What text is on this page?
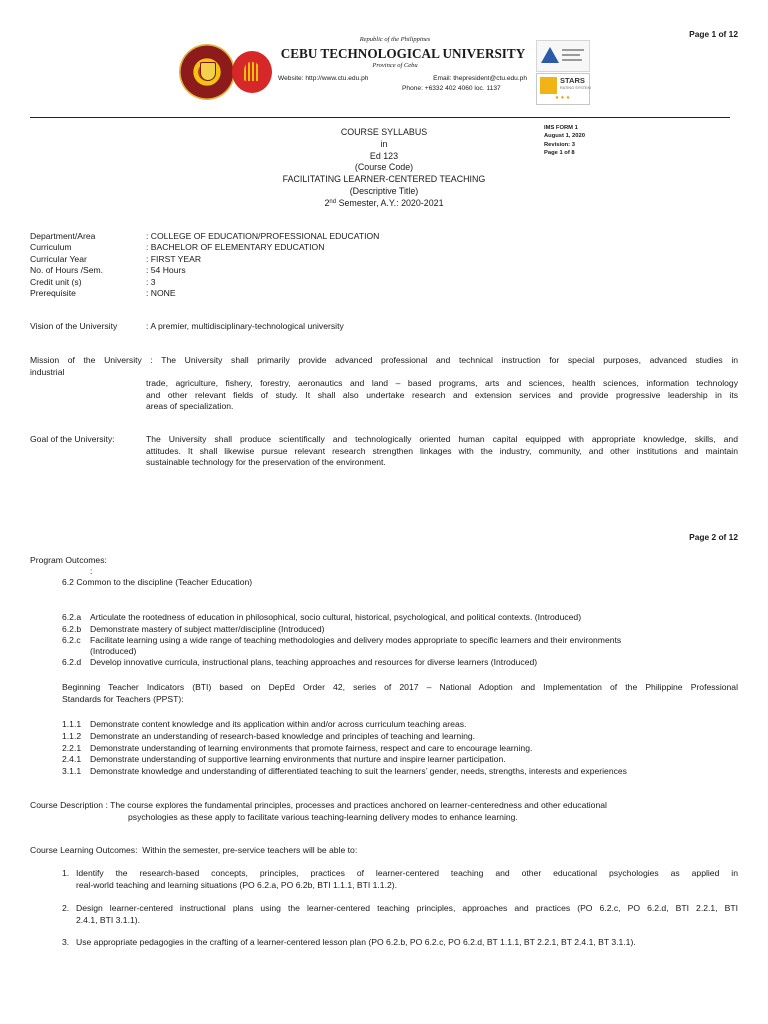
Page 1 of 12
Republic of the Philippines
CEBU TECHNOLOGICAL UNIVERSITY
Province of Cebu
Website: http://www.ctu.edu.ph	Email: thepresident@ctu.edu.ph
Phone: +6332 402 4060 loc. 1137
STARS
RATING SYSTEM
★★★
IMS FORM 1
August 1, 2020
Revision: 3
Page 1 of 8
COURSE SYLLABUS
in
Ed 123
(Course Code)
FACILITATING LEARNER-CENTERED TEACHING
(Descriptive Title)
2nd Semester, A.Y.: 2020-2021
Department/Area	: COLLEGE OF EDUCATION/PROFESSIONAL EDUCATION
Curriculum	: BACHELOR OF ELEMENTARY EDUCATION
Curricular Year	: FIRST YEAR
No. of Hours /Sem.	: 54 Hours
Credit unit (s)	: 3
Prerequisite	: NONE
Vision of the University	: A premier, multidisciplinary-technological university
Mission of the University : The University shall primarily provide advanced professional and technical instruction for special purposes, advanced studies in
industrial
trade, agriculture, fishery, forestry, aeronautics and land – based programs, arts and sciences, health sciences, information technology
and other relevant fields of study. It shall also undertake research and extension services and provide progressive leadership in its
areas of specialization.
Goal of the University:	The University shall produce scientifically and technologically oriented human capital equipped with appropriate knowledge, skills, and
attitudes. It shall likewise pursue relevant research strengthen linkages with the industry, community, and other institutions and maintain
sustainable technology for the preservation of the environment.
Page 2 of 12
Program Outcomes:
:
6.2 Common to the discipline (Teacher Education)
6.2.a	Articulate the rootedness of education in philosophical, socio cultural, historical, psychological, and political contexts. (Introduced)
6.2.b	Demonstrate mastery of subject matter/discipline (Introduced)
6.2.c	Facilitate learning using a wide range of teaching methodologies and delivery modes appropriate to specific learners and their environments
(Introduced)
6.2.d	Develop innovative curricula, instructional plans, teaching approaches and resources for diverse learners (Introduced)
Beginning Teacher Indicators (BTI) based on DepEd Order 42, series of 2017 – National Adoption and Implementation of the Philippine Professional
Standards for Teachers (PPST):
1.1.1	Demonstrate content knowledge and its application within and/or across curriculum teaching areas.
1.1.2	Demonstrate an understanding of research-based knowledge and principles of teaching and learning.
2.2.1	Demonstrate understanding of learning environments that promote fairness, respect and care to encourage learning.
2.4.1	Demonstrate understanding of supportive learning environments that nurture and inspire learner participation.
3.1.1	Demonstrate knowledge and understanding of differentiated teaching to suit the learners’ gender, needs, strengths, interests and experiences
Course Description : The course explores the fundamental principles, processes and practices anchored on learner-centeredness and other educational
psychologies as these apply to facilitate various teaching-learning delivery modes to enhance learning.
Course Learning Outcomes: Within the semester, pre-service teachers will be able to:
1. Identify the research-based concepts, principles, practices of learner-centered teaching and other educational psychologies as applied in
real-world teaching and learning situations (PO 6.2.a, PO 6.2b, BTI 1.1.1, BTI 1.1.2).
2. Design learner-centered instructional plans using the learner-centered teaching principles, approaches and practices (PO 6.2.c, PO 6.2.d, BTI 2.2.1, BTI
2.4.1, BTI 3.1.1).
3. Use appropriate pedagogies in the crafting of a learner-centered lesson plan (PO 6.2.b, PO 6.2.c, PO 6.2.d, BT 1.1.1, BT 2.2.1, BT 2.4.1, BT 3.1.1).
